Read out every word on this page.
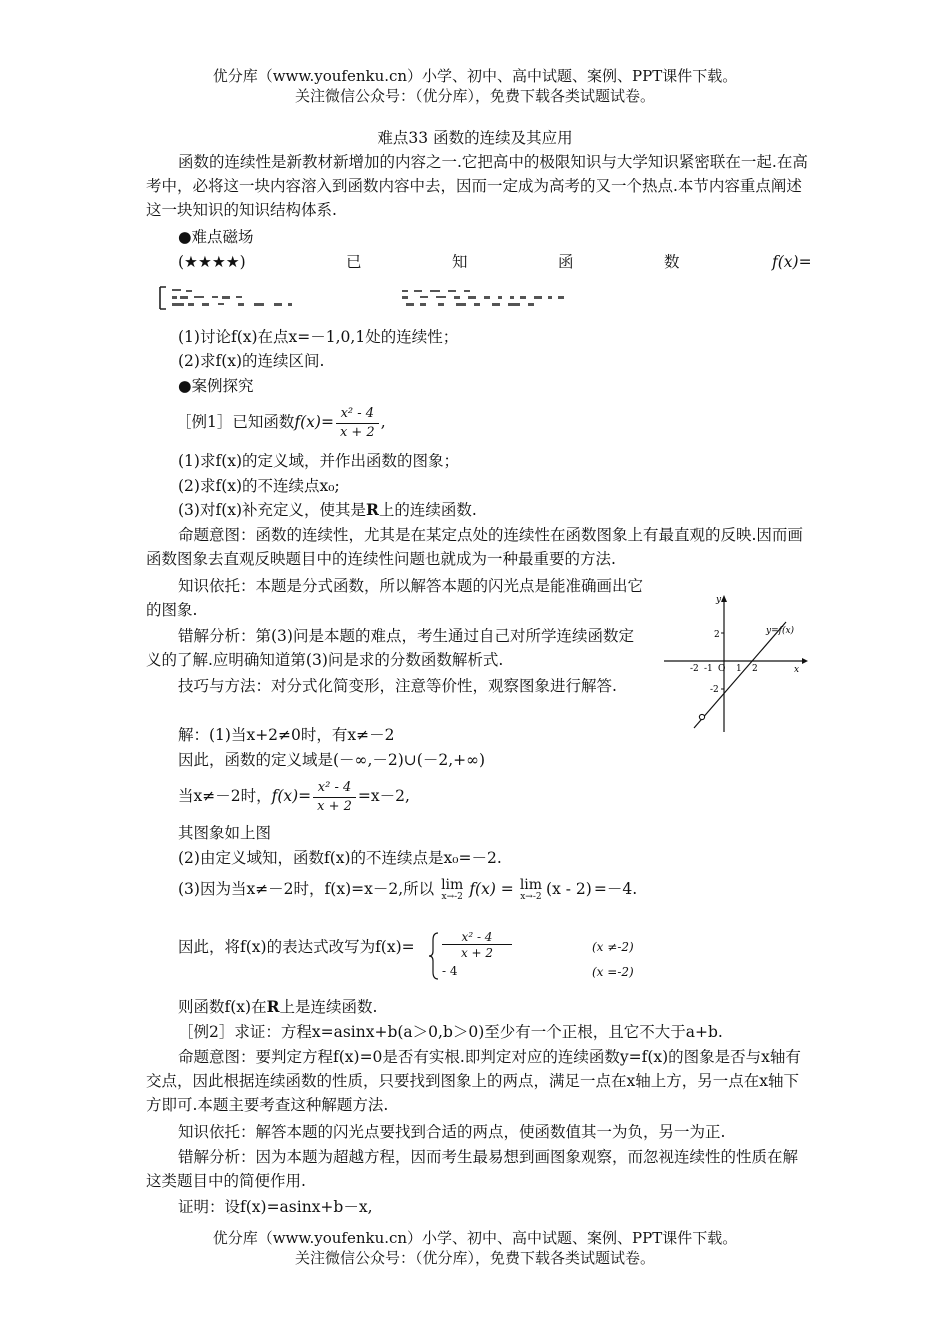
优分库（www.youfenku.cn）小学、初中、高中试题、案例、PPT课件下载。
关注微信公众号：（优分库），免费下载各类试题试卷。
难点33 函数的连续及其应用
函数的连续性是新教材新增加的内容之一.它把高中的极限知识与大学知识紧密联在一起.在高考中，必将这一块内容溶入到函数内容中去，因而一定成为高考的又一个热点.本节内容重点阐述这一块知识的知识结构体系.
●难点磁场
(★★★★)	已	知	函	数	f(x)=
(1)讨论f(x)在点x=－1,0,1处的连续性；
(2)求f(x)的连续区间.
●案例探究
［例1］已知函数$f(x)= \frac{\text{x² - 4}}{x + 2}$ ,
(1)求f(x)的定义域，并作出函数的图象；
(2)求f(x)的不连续点x₀;
(3)对f(x)补充定义，使其是R上的连续函数.
命题意图：函数的连续性，尤其是在某定点处的连续性在函数图象上有最直观的反映.因而画函数图象去直观反映题目中的连续性问题也就成为一种最重要的方法.
知识依托：本题是分式函数，所以解答本题的闪光点是能准确画出它的图象.
错解分析：第(3)问是本题的难点，考生通过自己对所学连续函数定义的了解.应明确知道第(3)问是求的分数函数解析式.
技巧与方法：对分式化简变形，注意等价性，观察图象进行解答.
y
x
y=f(x)
2
-2 -1 O 1 2
-2
解：(1)当x+2≠0时，有x≠－2
因此，函数的定义域是(－∞,－2)∪(－2,+∞)
当x≠－2时，$f(x)= \frac{\text{x² - 4}}{x + 2} =x-2$,
其图象如上图
(2)由定义域知，函数f(x)的不连续点是x₀=－2.
(3)因为当x≠－2时，f(x)=x－2,所以 lim
x→-2 f(x) = lim
x→-2 (x - 2) =－4.
因此，将f(x)的表达式改写为f(x)=
x² - 4
x + 2
- 4
(x ≠-2)
(x =-2)
则函数f(x)在R上是连续函数.
［例2］求证：方程x=asinx+b(a＞0,b＞0)至少有一个正根，且它不大于a+b.
命题意图：要判定方程f(x)=0是否有实根.即判定对应的连续函数y=f(x)的图象是否与x轴有交点，因此根据连续函数的性质，只要找到图象上的两点，满足一点在x轴上方，另一点在x轴下方即可.本题主要考查这种解题方法.
知识依托：解答本题的闪光点要找到合适的两点，使函数值其一为负，另一为正.
错解分析：因为本题为超越方程，因而考生最易想到画图象观察，而忽视连续性的性质在解这类题目中的简便作用.
证明：设f(x)=asinx+b－x,
优分库（www.youfenku.cn）小学、初中、高中试题、案例、PPT课件下载。
关注微信公众号：（优分库），免费下载各类试题试卷。
